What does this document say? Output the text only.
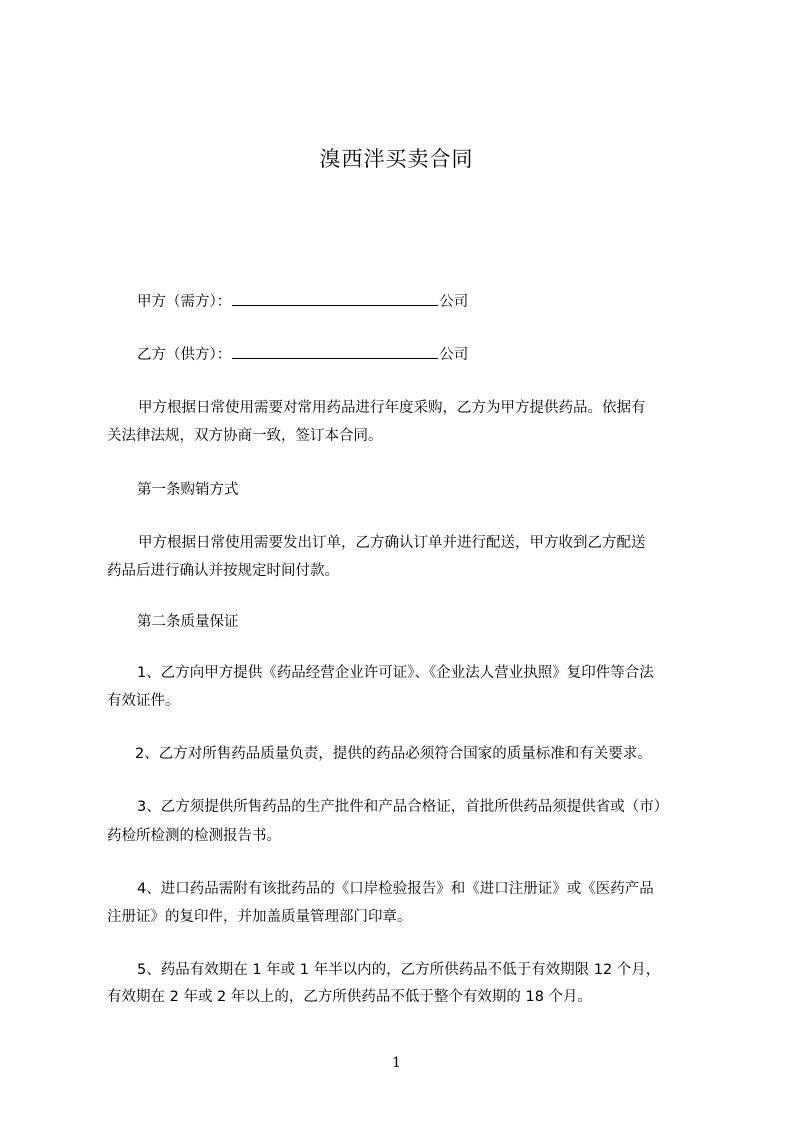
溴西泮买卖合同
甲方（需方）：	公司
乙方（供方）：	公司
甲方根据日常使用需要对常用药品进行年度采购，乙方为甲方提供药品。依据有
关法律法规，双方协商一致，签订本合同。
第一条购销方式
甲方根据日常使用需要发出订单，乙方确认订单并进行配送，甲方收到乙方配送
药品后进行确认并按规定时间付款。
第二条质量保证
1、乙方向甲方提供《药品经营企业许可证》、《企业法人营业执照》复印件等合法
有效证件。
2、乙方对所售药品质量负责，提供的药品必须符合国家的质量标准和有关要求。
3、乙方须提供所售药品的生产批件和产品合格证，首批所供药品须提供省或（市）
药检所检测的检测报告书。
4、进口药品需附有该批药品的《口岸检验报告》和《进口注册证》或《医药产品
注册证》的复印件，并加盖质量管理部门印章。
5、药品有效期在 1 年或 1 年半以内的，乙方所供药品不低于有效期限 12 个月，
有效期在 2 年或 2 年以上的，乙方所供药品不低于整个有效期的 18 个月。
1
